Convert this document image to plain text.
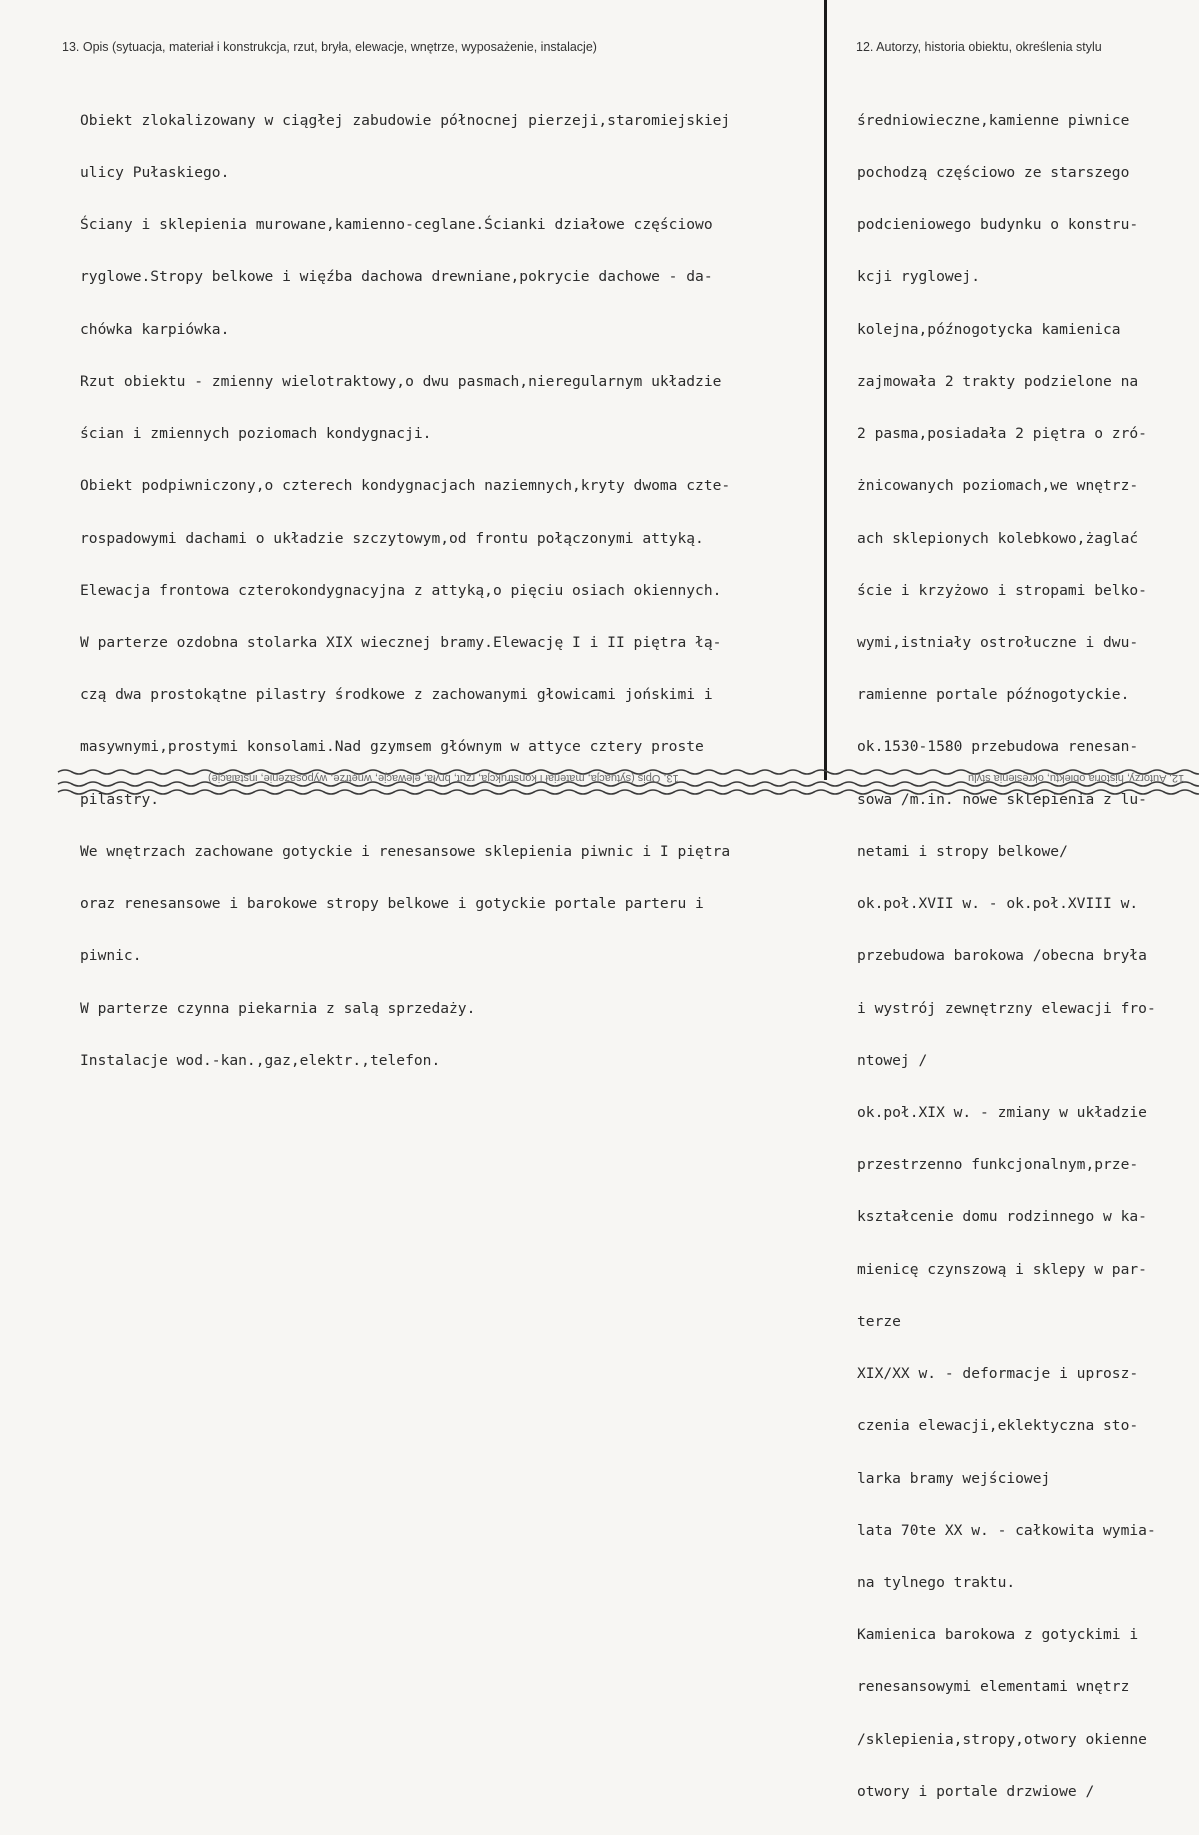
13. Opis (sytuacja, materiał i konstrukcja, rzut, bryła, elewacje, wnętrze, wyposażenie, instalacje)	12. Autorzy, historia obiektu, określenia stylu

Obiekt zlokalizowany w ciągłej zabudowie północnej pierzeji,staromiejskiej

ulicy Pułaskiego.

Ściany i sklepienia murowane,kamienno-ceglane.Ścianki działowe częściowo

ryglowe.Stropy belkowe i więźba dachowa drewniane,pokrycie dachowe - da-

chówka karpiówka.

Rzut obiektu - zmienny wielotraktowy,o dwu pasmach,nieregularnym układzie

ścian i zmiennych poziomach kondygnacji.

Obiekt podpiwniczony,o czterech kondygnacjach naziemnych,kryty dwoma czte-

rospadowymi dachami o układzie szczytowym,od frontu połączonymi attyką.

Elewacja frontowa czterokondygnacyjna z attyką,o pięciu osiach okiennych.

W parterze ozdobna stolarka XIX wiecznej bramy.Elewację I i II piętra łą-

czą dwa prostokątne pilastry środkowe z zachowanymi głowicami jońskimi i

masywnymi,prostymi konsolami.Nad gzymsem głównym w attyce cztery proste

pilastry.

We wnętrzach zachowane gotyckie i renesansowe sklepienia piwnic i I piętra

oraz renesansowe i barokowe stropy belkowe i gotyckie portale parteru i

piwnic.

W parterze czynna piekarnia z salą sprzedaży.

Instalacje wod.-kan.,gaz,elektr.,telefon.

średniowieczne,kamienne piwnice

pochodzą częściowo ze starszego

podcieniowego budynku o konstru-

kcji ryglowej.

kolejna,późnogotycka kamienica

zajmowała 2 trakty podzielone na

2 pasma,posiadała 2 piętra o zró-

żnicowanych poziomach,we wnętrz-

ach sklepionych kolebkowo,żaglać

ście i krzyżowo i stropami belko-

wymi,istniały ostrołuczne i dwu-

ramienne portale późnogotyckie.

ok.1530-1580 przebudowa renesan-

sowa /m.in. nowe sklepienia z lu-

netami i stropy belkowe/

ok.poł.XVII w. - ok.poł.XVIII w.

przebudowa barokowa /obecna bryła

i wystrój zewnętrzny elewacji fro-

ntowej /

ok.poł.XIX w. - zmiany w układzie

przestrzenno funkcjonalnym,prze-

kształcenie domu rodzinnego w ka-

mienicę czynszową i sklepy w par-

terze

XIX/XX w. - deformacje i uprosz-

czenia elewacji,eklektyczna sto-

larka bramy wejściowej

lata 70te XX w. - całkowita wymia-

na tylnego traktu.

Kamienica barokowa z gotyckimi i

renesansowymi elementami wnętrz

/sklepienia,stropy,otwory okienne

otwory i portale drzwiowe /

13. Opis (sytuacja, materiał i konstrukcja, rzut, bryła, elewacje, wnętrze, wyposażenie, instalacje)	12. Autorzy, historia obiektu, określenia stylu
